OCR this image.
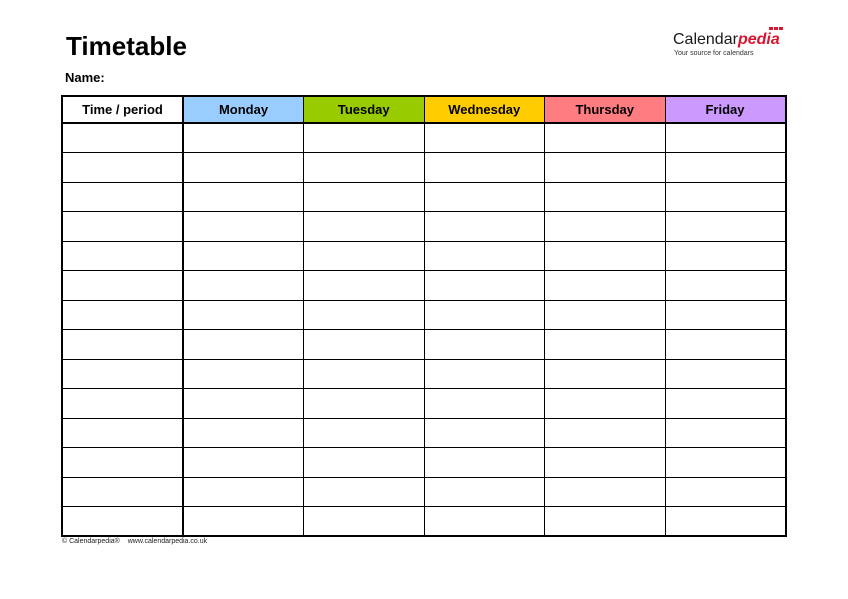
Timetable
Name:
Calendarpedia
Your source for calendars
Time / period	Monday	Tuesday	Wednesday	Thursday	Friday

© Calendarpedia® www.calendarpedia.co.uk
